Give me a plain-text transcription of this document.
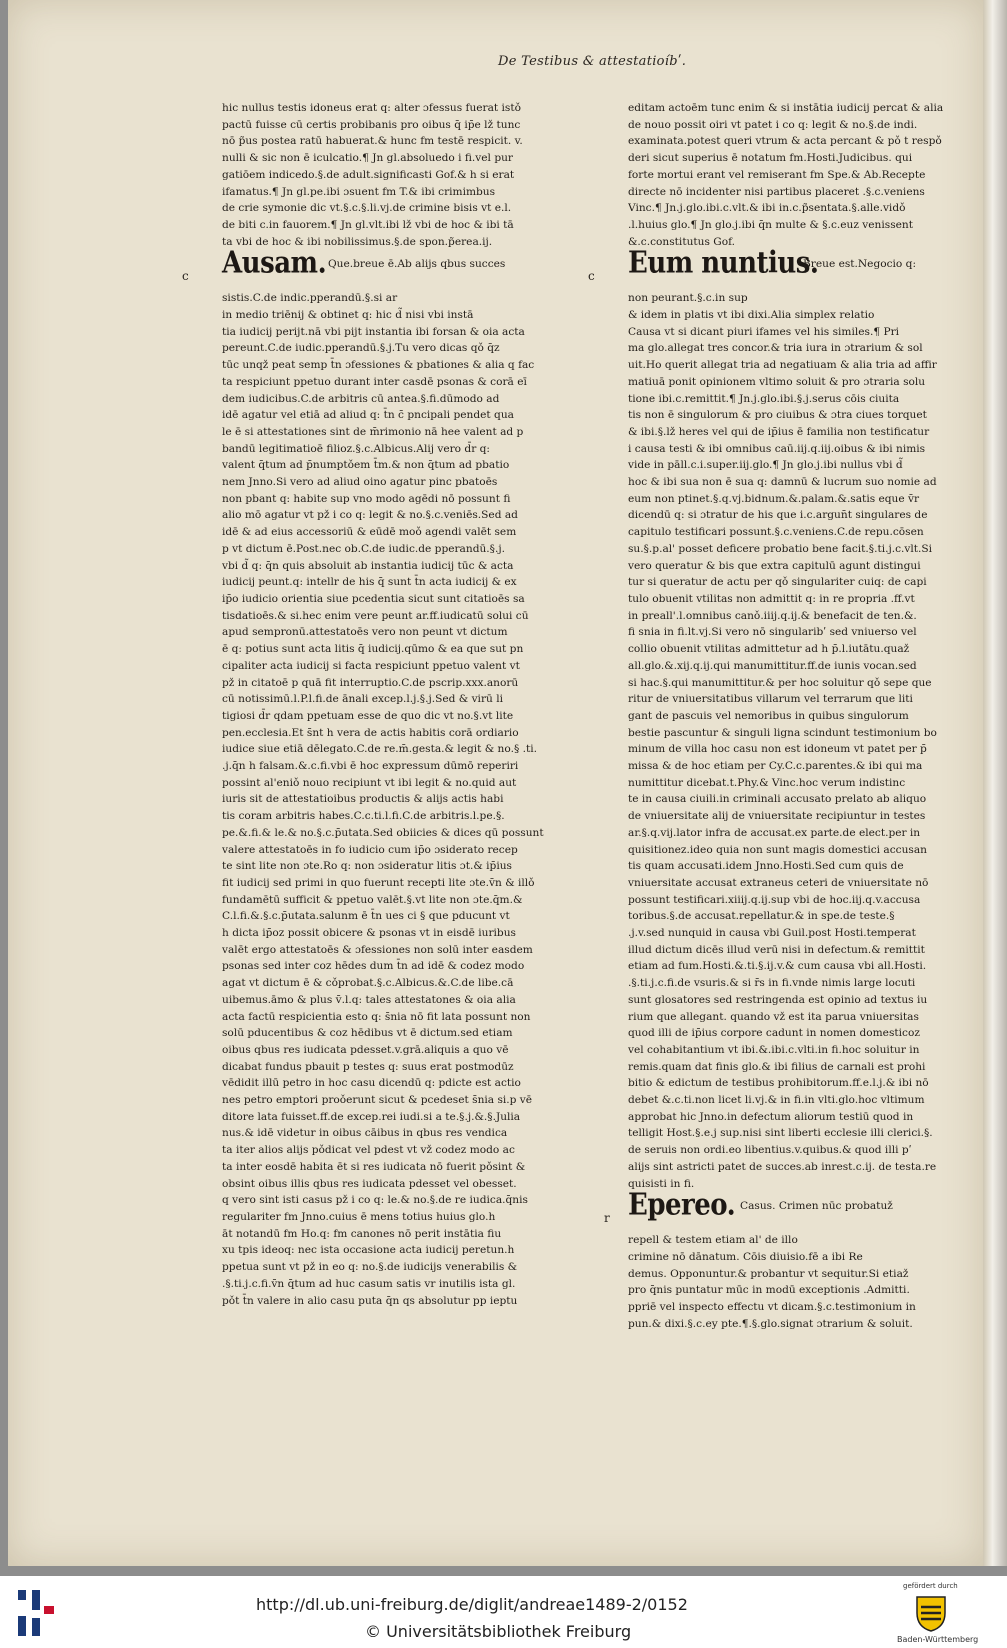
De Testibus & attestatioíbʹ.
hic nullus testis idoneus erat q: alter ɔfessus fuerat istǒ
pactū fuisse cū certis probibanis pro oibus q̄ ip̄e lž tunc
nō p̃us postea ratū habuerat.& hunc fm testē respicit. v.
nulli & sic non ē iculcatio.¶ Jn gl.absoluedo i fi.vel pur
gatiōem indicedo.§.de adult.significasti Gof.& h si erat
ifamatus.¶ Jn gl.pe.ibi ɔsuent fm T.& ibi crimimbus
de crie symonie dic vt.§.c.§.li.vj.de crimine bisis vt e.l.
de biti c.in fauorem.¶ Jn gl.vlt.ibi lž vbi de hoc & ibi tā
ta vbi de hoc & ibi nobilissimus.§.de spon.p̃erea.ij.
c Ausam. Que.breue ē.Ab alijs qbus succes
sistis.C.de indic.pperandū.§.si ar
in medio triēnij & obtinet q: hic d̃ nisi vbi instā
tia iudicij perijt.nā vbi pijt instantia ibi forsan & oia acta
pereunt.C.de iudic.pperandū.§.j.Tu vero dicas qǒ q̄z
tūc unqž peat semp t̄n ɔfessiones & pbationes & alia q fac
ta respiciunt ppetuo durant inter casdē psonas & corā eī
dem iudicibus.C.de arbitris cū antea.§.fi.dūmodo ad
idē agatur vel etiā ad aliud q: t̄n c̄ pncipali pendet qua
le ē si attestationes sint de m̄rimonio nā hee valent ad p
bandū legitimatioē filioz.§.c.Albicus.Alij vero d̄r q:
valent q̄tum ad p̄numptǒem t̄m.& non q̄tum ad pbatio
nem Jnno.Si vero ad aliud oino agatur pinc pbatoēs
non pbant q: habite sup vno modo agēdi nō possunt fi
alio mō agatur vt pž i co q: legit & no.§.c.veniēs.Sed ad
idē & ad eius accessoriū & eūdē moǒ agendi valēt sem
p vt dictum ē.Post.nec ob.C.de iudic.de pperandū.§.j.
vbi d̃ q: q̄n quis absoluit ab instantia iudicij tūc & acta
iudicij peunt.q: intellr de his q̄ sunt t̄n acta iudicij & ex
ip̄o iudicio orientia siue pcedentia sicut sunt citatioēs sa
tisdatioēs.& si.hec enim vere peunt ar.ff.iudicatū solui cū
apud sempronū.attestatoēs vero non peunt vt dictum
ē q: potius sunt acta litis q̄ iudicij.qūmo & ea que sut pn
cipaliter acta iudicij si facta respiciunt ppetuo valent vt
pž in citatoē p quā fit interruptio.C.de pscrip.xxx.anorū
cū notissimū.l.P.l.fi.de ānali excep.l.j.§.j.Sed & virū li
tigiosi d̄r qdam ppetuam esse de quo dic vt no.§.vt lite
pen.ecclesia.Et s̄nt h vera de actis habitis corā ordiario
iudice siue etiā dēlegato.C.de re.m̄.gesta.& legit & no.§ .ti.
.j.q̄n h falsam.&.c.fi.vbi ē hoc expressum dūmō reperiri
possint al'eniǒ nouo recipiunt vt ibi legit & no.quid aut
iuris sit de attestatioibus productis & alijs actis habi
tis coram arbitris habes.C.c.ti.l.fi.C.de arbitris.l.pe.§.
pe.&.fi.& le.& no.§.c.p̄utata.Sed obiicies & dices qū possunt
valere attestatoēs in fo iudicio cum ip̄o ɔsiderato recep
te sint lite non ɔte.Ro q: non ɔsideratur litis ɔt.& ip̄ius
fit iudicij sed primi in quo fuerunt recepti lite ɔte.v̄n & illǒ
fundamētū sufficit & ppetuo valēt.§.vt lite non ɔte.q̄m.&
C.l.fi.&.§.c.p̄utata.salunm ē t̄n ues ci § que pducunt vt
h dicta ip̄oz possit obicere & psonas vt in eisdē iuribus
valēt ergo attestatoēs & ɔfessiones non solū inter easdem
psonas sed inter coz hēdes dum t̄n ad idē & codez modo
agat vt dictum ē & cǒprobat.§.c.Albicus.&.C.de libe.cā
uibemus.āmo & plus v̄.l.q: tales attestatones & oia alia
acta factū respicientia esto q: s̄nia nō fit lata possunt non
solū pducentibus & coz hēdibus vt ē dictum.sed etiam
oibus qbus res iudicata pdesset.v.grā.aliquis a quo vē
dicabat fundus pbauit p testes q: suus erat postmodūz
vēdidit illū petro in hoc casu dicendū q: pdicte est actio
nes petro emptori proǒerunt sicut & pcedeset s̄nia si.p vē
ditore lata fuisset.ff.de excep.rei iudi.si a te.§.j.&.§.Julia
nus.& idē videtur in oibus cāibus in qbus res vendica
ta iter alios alijs pǒdicat vel pdest vt vž codez modo ac
ta inter eosdē habita ēt si res iudicata nō fuerit pǒsint &
obsint oibus illis qbus res iudicata pdesset vel obesset.
q vero sint isti casus pž i co q: le.& no.§.de re iudica.q̄nis
regulariter fm Jnno.cuius ē mens totius huius glo.h
āt notandū fm Ho.q: fm canones nō perit instātia fiu
xu tpis ideoq: nec ista occasione acta iudicij peretun.h
ppetua sunt vt pž in eo q: no.§.de iudicijs venerabilis &
.§.ti.j.c.fi.v̄n q̄tum ad huc casum satis vr inutilis ista gl.
pǒt t̄n valere in alio casu puta q̄n qs absolutur pp ieptu
editam actoēm tunc enim & si instātia iudicij percat & alia
de nouo possit oiri vt patet i co q: legit & no.§.de indi.
examinata.potest queri vtrum & acta percant & pǒ t respǒ
deri sicut superius ē notatum fm.Hosti.Judicibus. qui
forte mortui erant vel remiserant fm Spe.& Ab.Recepte
directe nō incidenter nisi partibus placeret .§.c.veniens
Vinc.¶ Jn.j.glo.ibi.c.vlt.& ibi in.c.p̃sentata.§.alle.vidǒ
.l.huius glo.¶ Jn glo.j.ibi q̄n multe & §.c.euz venissent
&.c.constitutus Gof.
c Eum nuntius.
Breue est.Negocio q:
non peurant.§.c.in sup
& idem in platis vt ibi dixi.Alia simplex relatio
Causa vt si dicant piuri ifames vel his similes.¶ Pri
ma glo.allegat tres concor.& tria iura in ɔtrarium & sol
uit.Ho querit allegat tria ad negatiuam & alia tria ad affir
matiuā ponit opinionem vltimo soluit & pro ɔtraria solu
tione ibi.c.remittit.¶ Jn.j.glo.ibi.§.j.serus cōis ciuita
tis non ē singulorum & pro ciuibus & ɔtra ciues torquet
& ibi.§.lž heres vel qui de ip̄ius ē familia non testificatur
i causa testi & ibi omnibus caū.iij.q.iij.oibus & ibi nimis
vide in pāll.c.i.super.iij.glo.¶ Jn glo.j.ibi nullus vbi d̃
hoc & ibi sua non ē sua q: damnū & lucrum suo nomie ad
eum non ptinet.§.q.vj.bidnum.&.palam.&.satis eque v̄r
dicendū q: si ɔtratur de his que i.c.argun̄t singulares de
capitulo testificari possunt.§.c.veniens.C.de repu.cōsen
su.§.p.al' posset deficere probatio bene facit.§.ti.j.c.vlt.Si
vero queratur & bis que extra capitulū agunt distingui
tur si queratur de actu per qǒ singulariter cuiq: de capi
tulo obuenit vtilitas non admittit q: in re propria .ff.vt
in preall'.l.omnibus canǒ.iiij.q.ij.& benefacit de ten.&.
fi snia in fi.lt.vj.Si vero nō singularibʹ sed vniuerso vel
collio obuenit vtilitas admittetur ad h p̄.l.iutātu.quaž
all.glo.&.xij.q.ij.qui manumittitur.ff.de iunis vocan.sed
si hac.§.qui manumittitur.& per hoc soluitur qǒ sepe que
ritur de vniuersitatibus villarum vel terrarum que liti
gant de pascuis vel nemoribus in quibus singulorum
bestie pascuntur & singuli ligna scindunt testimonium bo
minum de villa hoc casu non est idoneum vt patet per p̄
missa & de hoc etiam per Cy.C.c.parentes.& ibi qui ma
numittitur dicebat.t.Phy.& Vinc.hoc verum indistinc
te in causa ciuili.in criminali accusato prelato ab aliquo
de vniuersitate alij de vniuersitate recipiuntur in testes
ar.§.q.vij.lator infra de accusat.ex parte.de elect.per in
quisitionez.ideo quia non sunt magis domestici accusan
tis quam accusati.idem Jnno.Hosti.Sed cum quis de
vniuersitate accusat extraneus ceteri de vniuersitate nō
possunt testificari.xiiij.q.ij.sup vbi de hoc.iij.q.v.accusa
toribus.§.de accusat.repellatur.& in spe.de teste.§
.j.v.sed nunquid in causa vbi Guil.post Hosti.temperat
illud dictum dicēs illud verū nisi in defectum.& remittit
etiam ad fum.Hosti.&.ti.§.ij.v.& cum causa vbi all.Hosti.
.§.ti.j.c.fi.de vsuris.& si r̄s in fi.vnde nimis large locuti
sunt glosatores sed restringenda est opinio ad textus iu
rium que allegant. quando vž est ita parua vniuersitas
quod illi de ip̄ius corpore cadunt in nomen domesticoz
vel cohabitantium vt ibi.&.ibi.c.vlti.in fi.hoc soluitur in
remis.quam dat finis glo.& ibi filius de carnali est prohi
bitio & edictum de testibus prohibitorum.ff.e.l.j.& ibi nō
debet &.c.ti.non licet li.vj.& in fi.in vlti.glo.hoc vltimum
approbat hic Jnno.in defectum aliorum testiū quod in
telligit Host.§.e.j sup.nisi sint liberti ecclesie illi clerici.§.
de seruis non ordi.eo libentius.v.quibus.& quod illi pʹ
alijs sint astricti patet de succes.ab inrest.c.ij. de testa.re
quisisti in fi.
r Epereo. Casus. Crimen nūc probatuž
repell & testem etiam al' de illo
crimine nō dānatum. Cōis diuisio.fē a ibi Re
demus. Opponuntur.& probantur vt sequitur.Si etiaž
pro q̄nis puntatur mūc in modū exceptionis .Admitti.
ppriē vel inspecto effectu vt dicam.§.c.testimonium in
pun.& dixi.§.c.ey pte.¶.§.glo.signat ɔtrarium & soluit.
http://dl.ub.uni-freiburg.de/diglit/andreae1489-2/0152
© Universitätsbibliothek Freiburg
gefördert durch
Baden-Württemberg
